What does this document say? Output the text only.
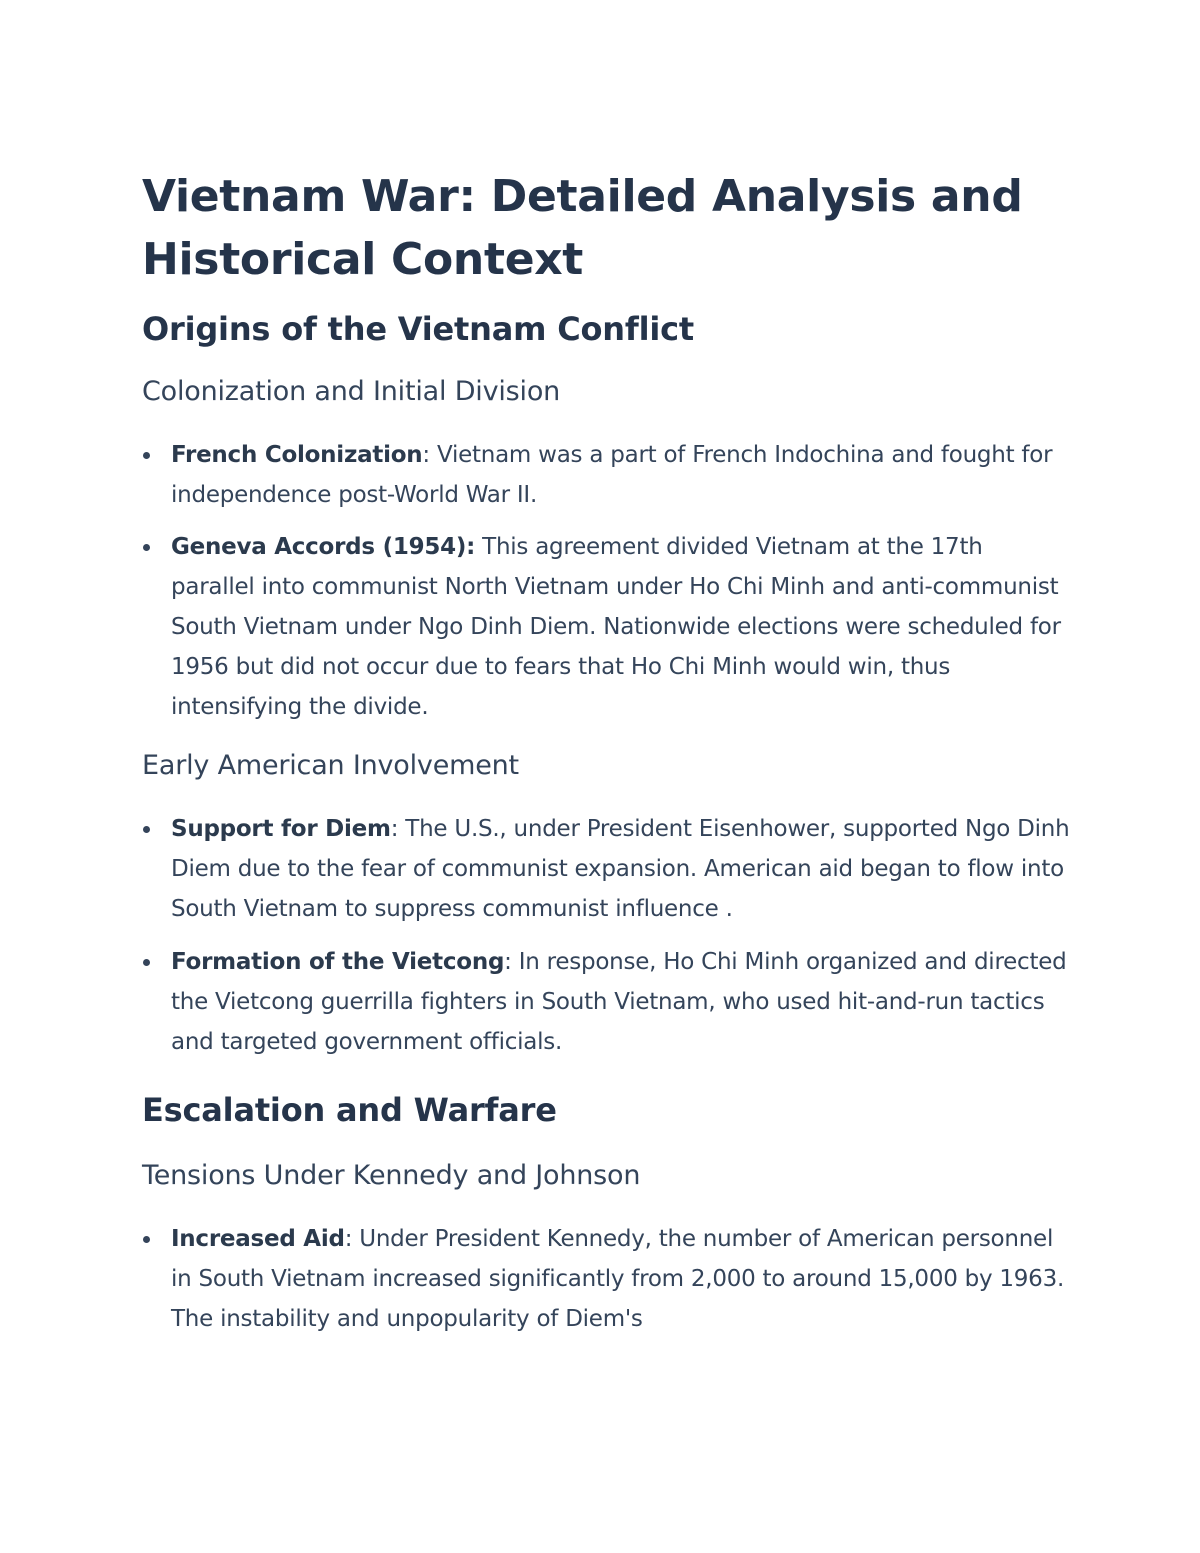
Vietnam War: Detailed Analysis and Historical Context
Origins of the Vietnam Conflict
Colonization and Initial Division
French Colonization: Vietnam was a part of French Indochina and fought for independence post-World War II.
Geneva Accords (1954): This agreement divided Vietnam at the 17th parallel into communist North Vietnam under Ho Chi Minh and anti-communist South Vietnam under Ngo Dinh Diem. Nationwide elections were scheduled for 1956 but did not occur due to fears that Ho Chi Minh would win, thus intensifying the divide.
Early American Involvement
Support for Diem: The U.S., under President Eisenhower, supported Ngo Dinh Diem due to the fear of communist expansion. American aid began to flow into South Vietnam to suppress communist influence .
Formation of the Vietcong: In response, Ho Chi Minh organized and directed the Vietcong guerrilla fighters in South Vietnam, who used hit-and-run tactics and targeted government officials.
Escalation and Warfare
Tensions Under Kennedy and Johnson
Increased Aid: Under President Kennedy, the number of American personnel in South Vietnam increased significantly from 2,000 to around 15,000 by 1963. The instability and unpopularity of Diem's
